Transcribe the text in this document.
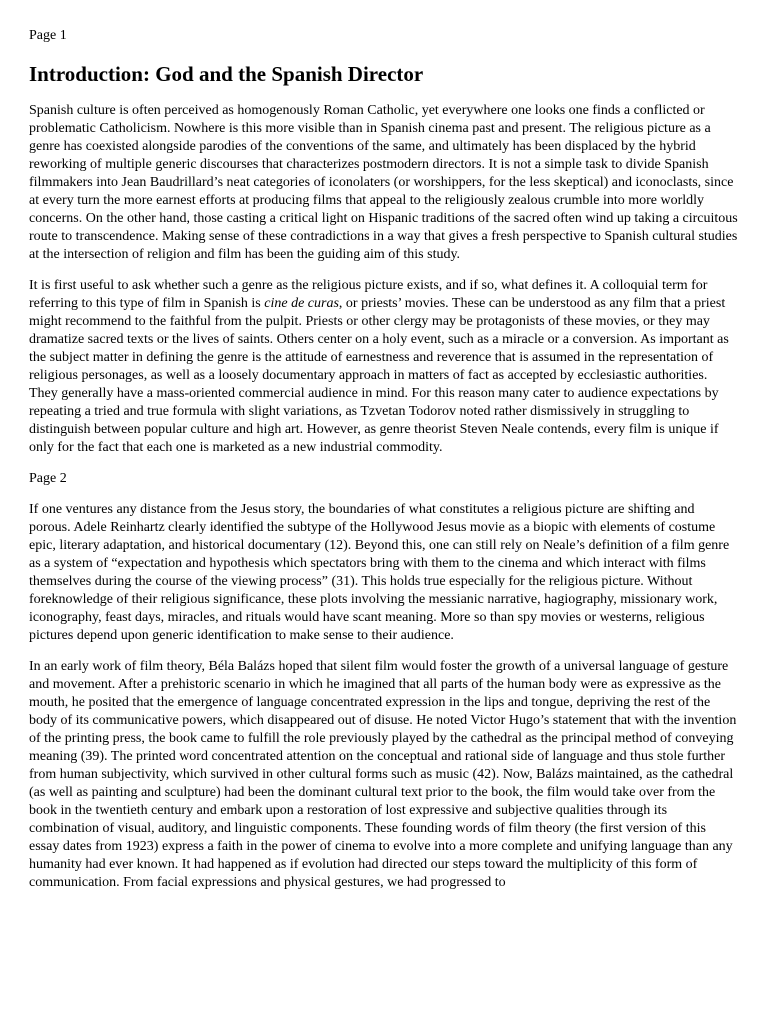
Page 1
Introduction: God and the Spanish Director

Spanish culture is often perceived as homogenously Roman Catholic, yet everywhere one looks one finds a conflicted or problematic Catholicism. Nowhere is this more visible than in Spanish cinema past and present. The religious picture as a genre has coexisted alongside parodies of the conventions of the same, and ultimately has been displaced by the hybrid reworking of multiple generic discourses that characterizes postmodern directors. It is not a simple task to divide Spanish filmmakers into Jean Baudrillard’s neat categories of iconolaters (or worshippers, for the less skeptical) and iconoclasts, since at every turn the more earnest efforts at producing films that appeal to the religiously zealous crumble into more worldly concerns. On the other hand, those casting a critical light on Hispanic traditions of the sacred often wind up taking a circuitous route to transcendence. Making sense of these contradictions in a way that gives a fresh perspective to Spanish cultural studies at the intersection of religion and film has been the guiding aim of this study.

It is first useful to ask whether such a genre as the religious picture exists, and if so, what defines it. A colloquial term for referring to this type of film in Spanish is cine de curas, or priests’ movies. These can be understood as any film that a priest might recommend to the faithful from the pulpit. Priests or other clergy may be protagonists of these movies, or they may dramatize sacred texts or the lives of saints. Others center on a holy event, such as a miracle or a conversion. As important as the subject matter in defining the genre is the attitude of earnestness and reverence that is assumed in the representation of religious personages, as well as a loosely documentary approach in matters of fact as accepted by ecclesiastic authorities. They generally have a mass-oriented commercial audience in mind. For this reason many cater to audience expectations by repeating a tried and true formula with slight variations, as Tzvetan Todorov noted rather dismissively in struggling to distinguish between popular culture and high art. However, as genre theorist Steven Neale contends, every film is unique if only for the fact that each one is marketed as a new industrial commodity.

Page 2

If one ventures any distance from the Jesus story, the boundaries of what constitutes a religious picture are shifting and porous. Adele Reinhartz clearly identified the subtype of the Hollywood Jesus movie as a biopic with elements of costume epic, literary adaptation, and historical documentary (12). Beyond this, one can still rely on Neale’s definition of a film genre as a system of “expectation and hypothesis which spectators bring with them to the cinema and which interact with films themselves during the course of the viewing process” (31). This holds true especially for the religious picture. Without foreknowledge of their religious significance, these plots involving the messianic narrative, hagiography, missionary work, iconography, feast days, miracles, and rituals would have scant meaning. More so than spy movies or westerns, religious pictures depend upon generic identification to make sense to their audience.

In an early work of film theory, Béla Balázs hoped that silent film would foster the growth of a universal language of gesture and movement. After a prehistoric scenario in which he imagined that all parts of the human body were as expressive as the mouth, he posited that the emergence of language concentrated expression in the lips and tongue, depriving the rest of the body of its communicative powers, which disappeared out of disuse. He noted Victor Hugo’s statement that with the invention of the printing press, the book came to fulfill the role previously played by the cathedral as the principal method of conveying meaning (39). The printed word concentrated attention on the conceptual and rational side of language and thus stole further from human subjectivity, which survived in other cultural forms such as music (42). Now, Balázs maintained, as the cathedral (as well as painting and sculpture) had been the dominant cultural text prior to the book, the film would take over from the book in the twentieth century and embark upon a restoration of lost expressive and subjective qualities through its combination of visual, auditory, and linguistic components. These founding words of film theory (the first version of this essay dates from 1923) express a faith in the power of cinema to evolve into a more complete and unifying language than any humanity had ever known. It had happened as if evolution had directed our steps toward the multiplicity of this form of communication. From facial expressions and physical gestures, we had progressed to
